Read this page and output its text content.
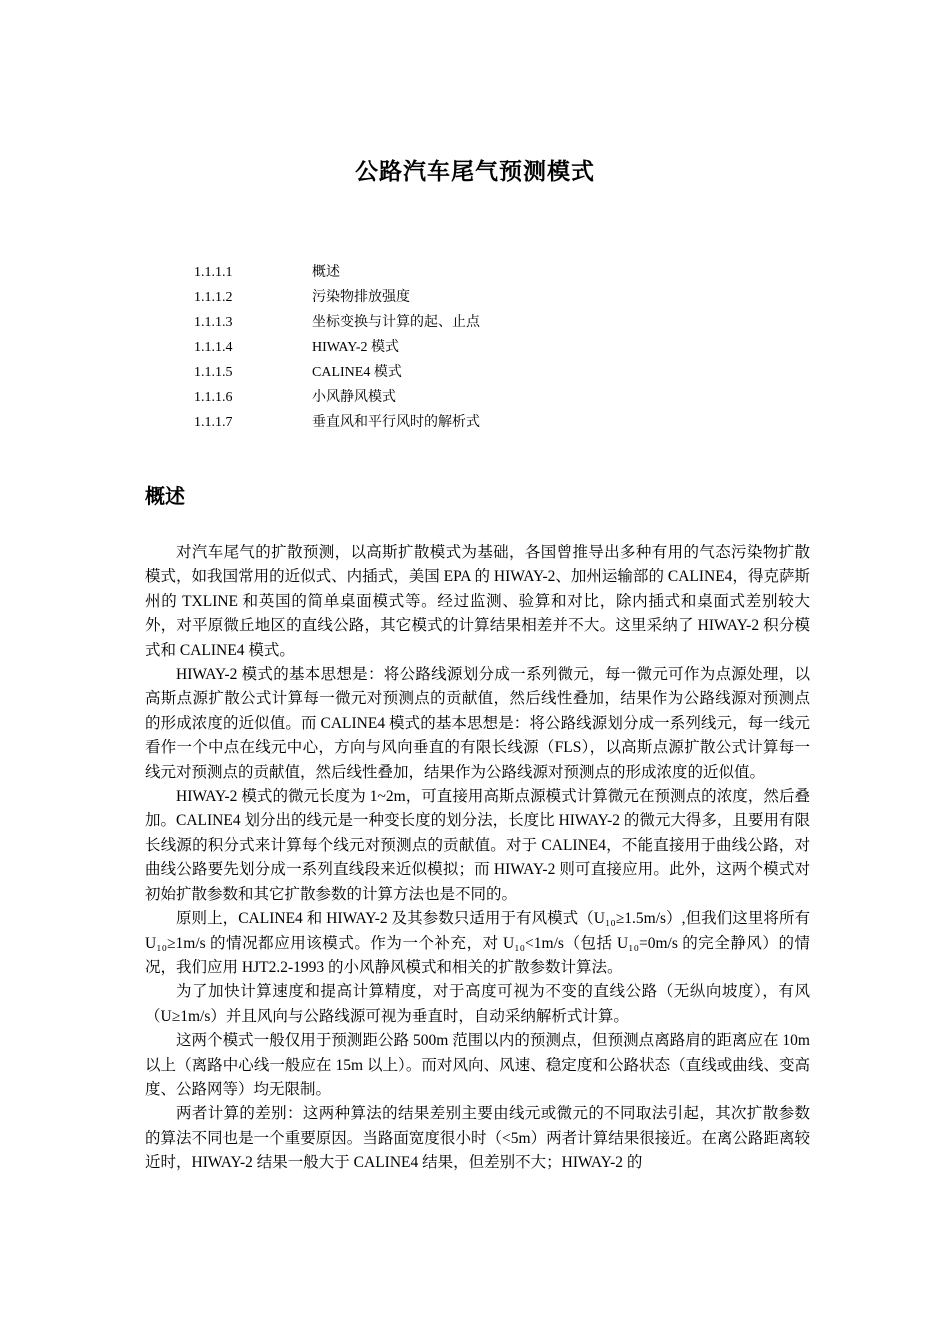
公路汽车尾气预测模式
1.1.1.1	概述
1.1.1.2	污染物排放强度
1.1.1.3	坐标变换与计算的起、止点
1.1.1.4	HIWAY-2 模式
1.1.1.5	CALINE4 模式
1.1.1.6	小风静风模式
1.1.1.7	垂直风和平行风时的解析式
概述

对汽车尾气的扩散预测，以高斯扩散模式为基础，各国曾推导出多种有用的气态污染物扩散模式，如我国常用的近似式、内插式，美国 EPA 的 HIWAY-2、加州运输部的 CALINE4，得克萨斯州的 TXLINE 和英国的简单桌面模式等。经过监测、验算和对比，除内插式和桌面式差别较大外，对平原微丘地区的直线公路，其它模式的计算结果相差并不大。这里采纳了 HIWAY-2 积分模式和 CALINE4 模式。

HIWAY-2 模式的基本思想是：将公路线源划分成一系列微元，每一微元可作为点源处理，以高斯点源扩散公式计算每一微元对预测点的贡献值，然后线性叠加，结果作为公路线源对预测点的形成浓度的近似值。而 CALINE4 模式的基本思想是：将公路线源划分成一系列线元，每一线元看作一个中点在线元中心，方向与风向垂直的有限长线源（FLS），以高斯点源扩散公式计算每一线元对预测点的贡献值，然后线性叠加，结果作为公路线源对预测点的形成浓度的近似值。

HIWAY-2 模式的微元长度为 1~2m，可直接用高斯点源模式计算微元在预测点的浓度，然后叠加。CALINE4 划分出的线元是一种变长度的划分法，长度比 HIWAY-2 的微元大得多，且要用有限长线源的积分式来计算每个线元对预测点的贡献值。对于 CALINE4，不能直接用于曲线公路，对曲线公路要先划分成一系列直线段来近似模拟；而 HIWAY-2 则可直接应用。此外，这两个模式对初始扩散参数和其它扩散参数的计算方法也是不同的。

原则上，CALINE4 和 HIWAY-2 及其参数只适用于有风模式（U₁₀≥1.5m/s）,但我们这里将所有 U₁₀≥1m/s 的情况都应用该模式。作为一个补充，对 U₁₀<1m/s（包括 U₁₀=0m/s 的完全静风）的情况，我们应用 HJT2.2-1993 的小风静风模式和相关的扩散参数计算法。

为了加快计算速度和提高计算精度，对于高度可视为不变的直线公路（无纵向坡度），有风（U≥1m/s）并且风向与公路线源可视为垂直时，自动采纳解析式计算。

这两个模式一般仅用于预测距公路 500m 范围以内的预测点，但预测点离路肩的距离应在 10m 以上（离路中心线一般应在 15m 以上）。而对风向、风速、稳定度和公路状态（直线或曲线、变高度、公路网等）均无限制。

两者计算的差别：这两种算法的结果差别主要由线元或微元的不同取法引起，其次扩散参数的算法不同也是一个重要原因。当路面宽度很小时（<5m）两者计算结果很接近。在离公路距离较近时，HIWAY-2 结果一般大于 CALINE4 结果，但差别不大；HIWAY-2 的
